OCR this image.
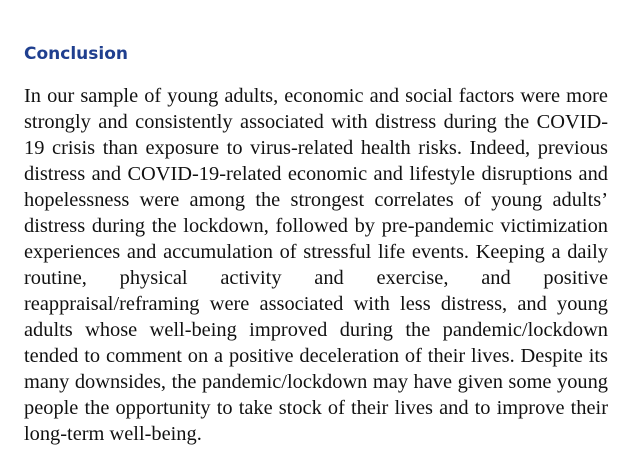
Conclusion

In our sample of young adults, economic and social factors were more strongly and consistently associated with distress during the COVID-19 crisis than exposure to virus-related health risks. Indeed, previous distress and COVID-19-related economic and lifestyle disruptions and hopelessness were among the strongest correlates of young adults’ distress during the lockdown, followed by pre-pandemic victimization experiences and accumulation of stressful life events. Keeping a daily routine, physical activity and exercise, and positive reappraisal/reframing were associated with less distress, and young adults whose well-being improved during the pandemic/lockdown tended to comment on a positive deceleration of their lives. Despite its many downsides, the pandemic/lockdown may have given some young people the opportunity to take stock of their lives and to improve their long-term well-being.
